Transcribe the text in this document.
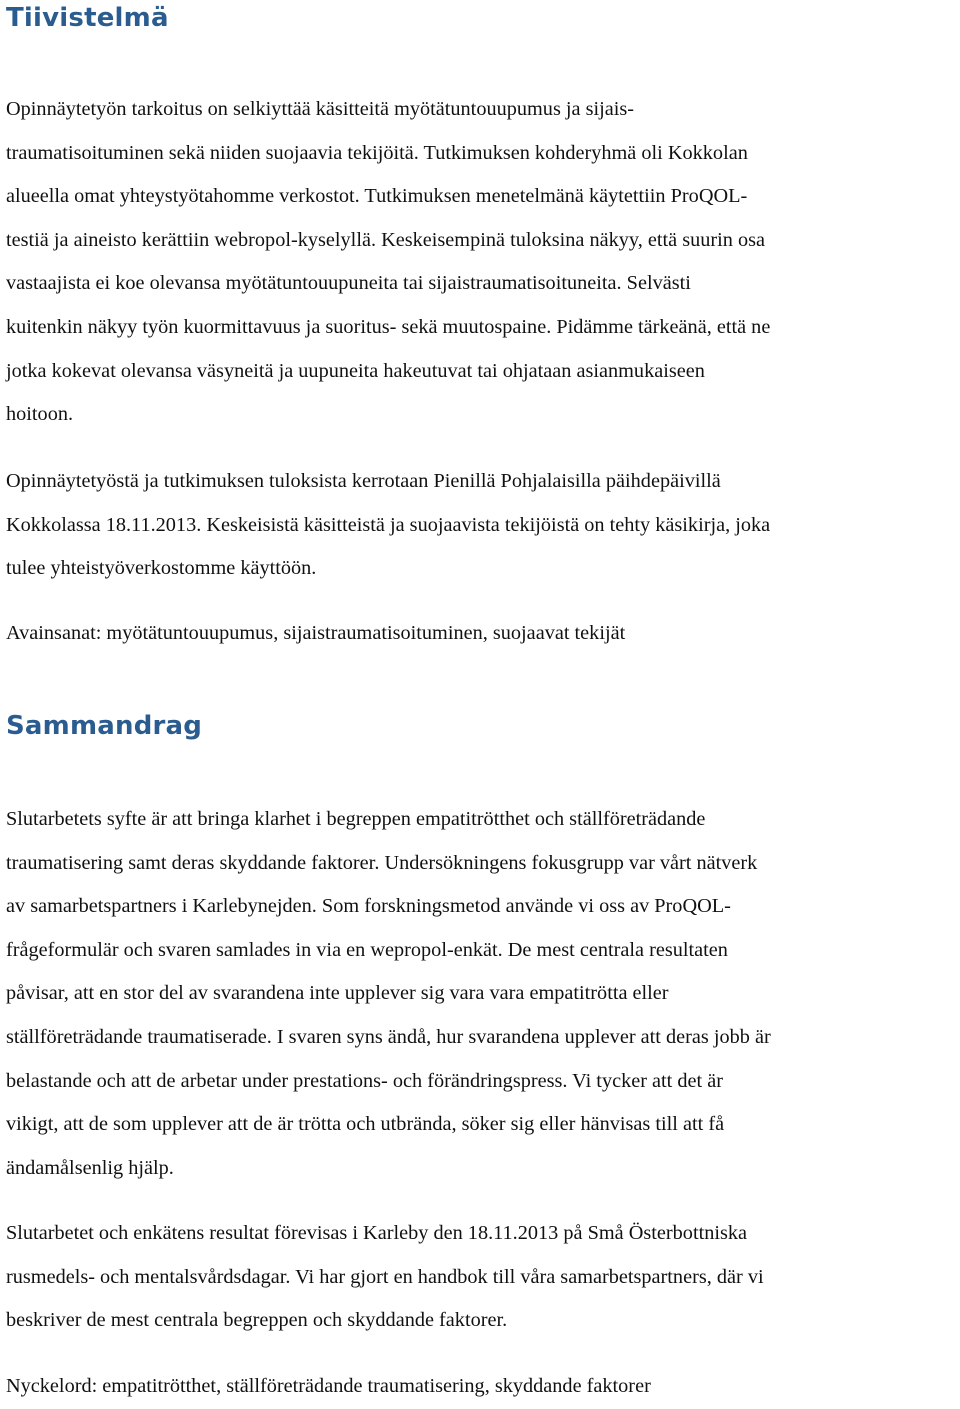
Tiivistelmä
Opinnäytetyön tarkoitus on selkiyttää käsitteitä myötätuntouupumus ja sijais-
traumatisoituminen sekä niiden suojaavia tekijöitä. Tutkimuksen kohderyhmä oli Kokkolan
alueella omat yhteystyötahomme verkostot. Tutkimuksen menetelmänä käytettiin ProQOL-
testiä ja aineisto kerättiin webropol-kyselyllä. Keskeisempinä tuloksina näkyy, että suurin osa
vastaajista ei koe olevansa myötätuntouupuneita tai sijaistraumatisoituneita. Selvästi
kuitenkin näkyy työn kuormittavuus ja suoritus- sekä muutospaine. Pidämme tärkeänä, että ne
jotka kokevat olevansa väsyneitä ja uupuneita hakeutuvat tai ohjataan asianmukaiseen
hoitoon.
Opinnäytetyöstä ja tutkimuksen tuloksista kerrotaan Pienillä Pohjalaisilla päihdepäivillä
Kokkolassa 18.11.2013. Keskeisistä käsitteistä ja suojaavista tekijöistä on tehty käsikirja, joka
tulee yhteistyöverkostomme käyttöön.
Avainsanat: myötätuntouupumus, sijaistraumatisoituminen, suojaavat tekijät
Sammandrag
Slutarbetets syfte är att bringa klarhet i begreppen empatitrötthet och ställföreträdande
traumatisering samt deras skyddande faktorer. Undersökningens fokusgrupp var vårt nätverk
av samarbetspartners i Karlebynejden. Som forskningsmetod använde vi oss av ProQOL-
frågeformulär och svaren samlades in via en wepropol-enkät. De mest centrala resultaten
påvisar, att en stor del av svarandena inte upplever sig vara vara empatitrötta eller
ställföreträdande traumatiserade. I svaren syns ändå, hur svarandena upplever att deras jobb är
belastande och att de arbetar under prestations- och förändringspress. Vi tycker att det är
vikigt, att de som upplever att de är trötta och utbrända, söker sig eller hänvisas till att få
ändamålsenlig hjälp.
Slutarbetet och enkätens resultat förevisas i Karleby den 18.11.2013 på Små Österbottniska
rusmedels- och mentalsvårdsdagar. Vi har gjort en handbok till våra samarbetspartners, där vi
beskriver de mest centrala begreppen och skyddande faktorer.
Nyckelord: empatitrötthet, ställföreträdande traumatisering, skyddande faktorer
